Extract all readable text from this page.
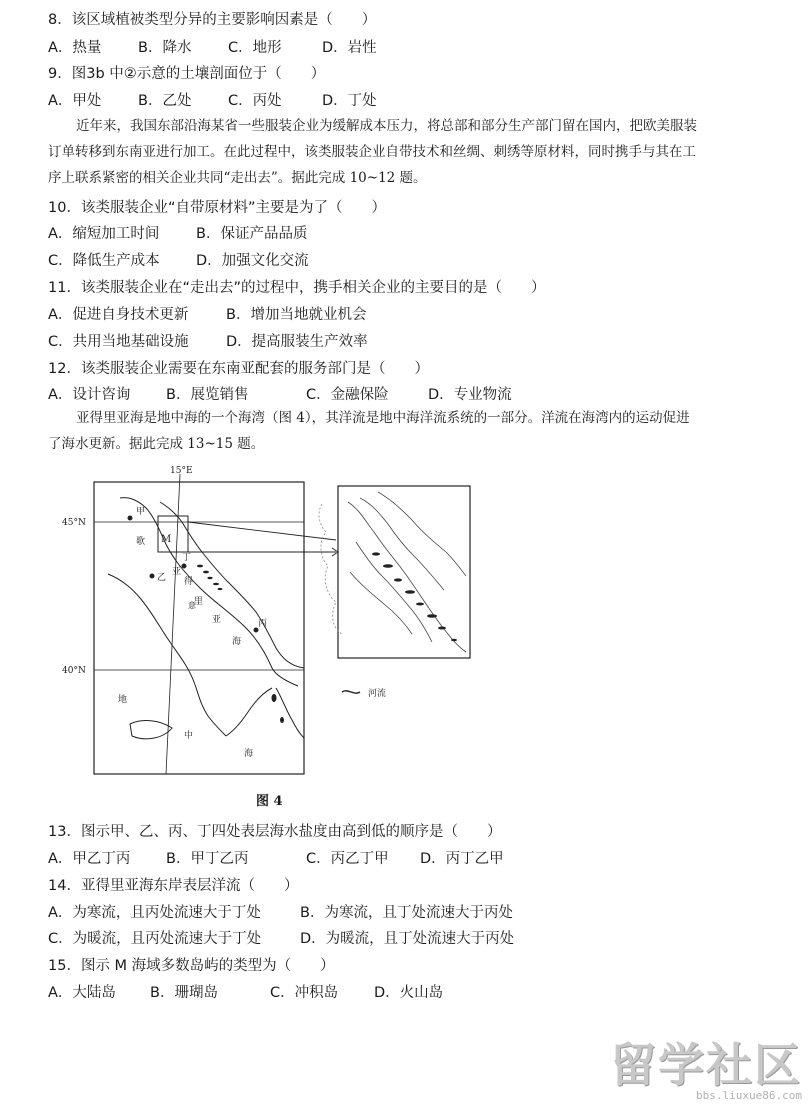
8．该区域植被类型分异的主要影响因素是（　　）
A．热量	B．降水	C．地形	D．岩性
9．图3b 中②示意的土壤剖面位于（　　）
A．甲处	B．乙处	C．丙处	D．丁处
近年来，我国东部沿海某省一些服装企业为缓解成本压力，将总部和部分生产部门留在国内，把欧美服装
订单转移到东南亚进行加工。在此过程中，该类服装企业自带技术和丝绸、刺绣等原材料，同时携手与其在工
序上联系紧密的相关企业共同“走出去”。据此完成 10~12 题。
10．该类服装企业“自带原材料”主要是为了（　　）
A．缩短加工时间	B．保证产品品质
C．降低生产成本	D．加强文化交流
11．该类服装企业在“走出去”的过程中，携手相关企业的主要目的是（　　）
A．促进自身技术更新	B．增加当地就业机会
C．共用当地基础设施	D．提高服装生产效率
12．该类服装企业需要在东南亚配套的服务部门是（　　）
A．设计咨询 B．展览销售	C．金融保险	D．专业物流
亚得里亚海是地中海的一个海湾（图 4），其洋流是地中海洋流系统的一部分。洋流在海湾内的运动促进
了海水更新。据此完成 13~15 题。
15°E
45°N
40°N
甲
歌 M
乙
亚
丁
得
里
亚
海
丙
意
地
中
海
河流
图 4
13．图示甲、乙、丙、丁四处表层海水盐度由高到低的顺序是（　　）
A．甲乙丁丙 B．甲丁乙丙	C．丙乙丁甲 D．丙丁乙甲
14．亚得里亚海东岸表层洋流（　　）
A．为寒流，且丙处流速大于丁处	B．为寒流，且丁处流速大于丙处
C．为暖流，且丙处流速大于丁处	D．为暖流，且丁处流速大于丙处
15．图示 M 海域多数岛屿的类型为（　　）
A．大陆岛 B．珊瑚岛	C．冲积岛 D．火山岛
留学社区
bbs.liuxue86.com
